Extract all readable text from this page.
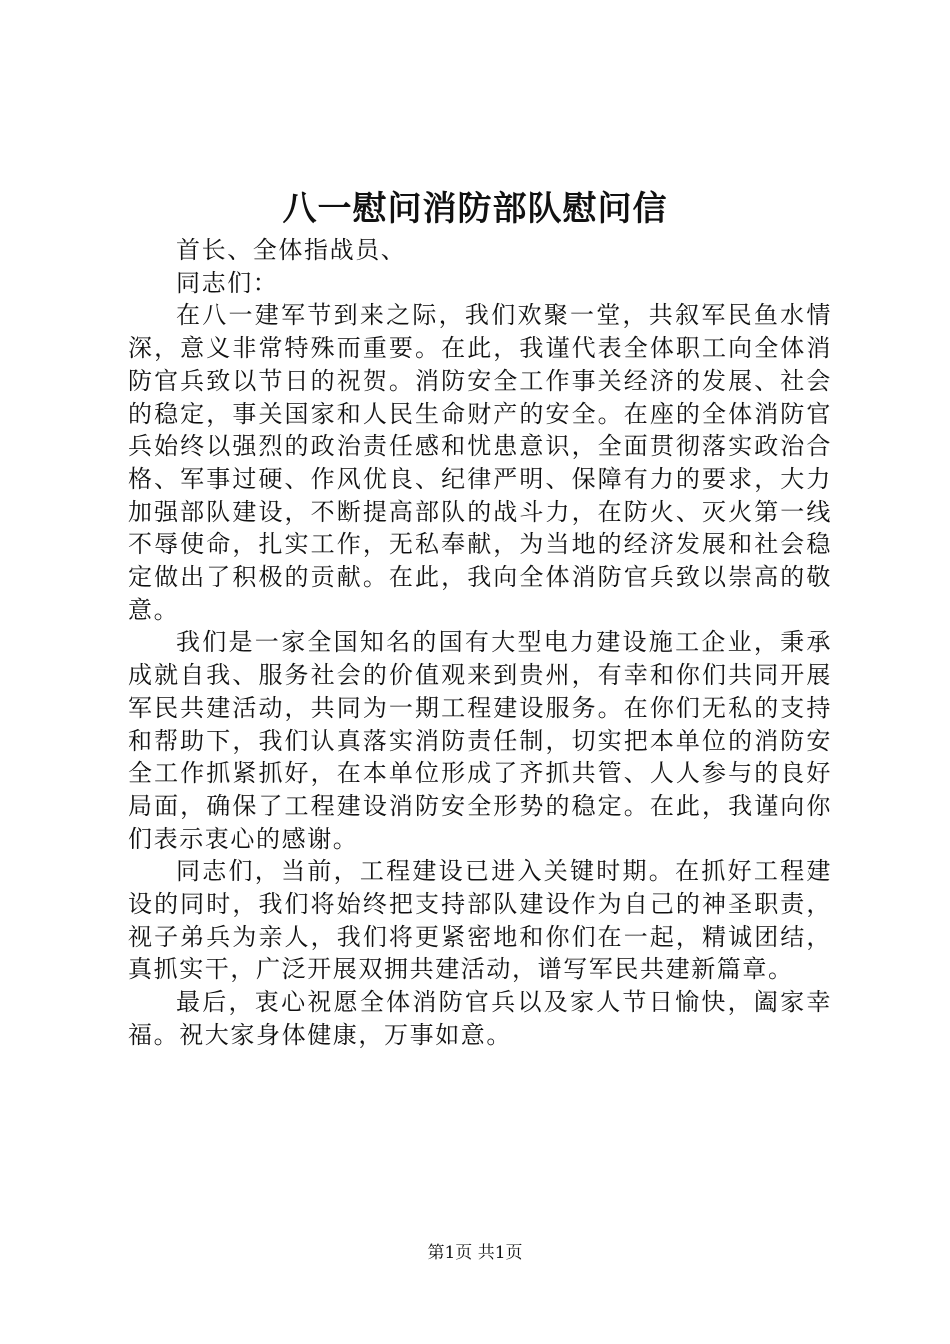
八一慰问消防部队慰问信

首长、全体指战员、

同志们：

在八一建军节到来之际，我们欢聚一堂，共叙军民鱼水情深，意义非常特殊而重要。在此，我谨代表全体职工向全体消防官兵致以节日的祝贺。消防安全工作事关经济的发展、社会的稳定，事关国家和人民生命财产的安全。在座的全体消防官兵始终以强烈的政治责任感和忧患意识，全面贯彻落实政治合格、军事过硬、作风优良、纪律严明、保障有力的要求，大力加强部队建设，不断提高部队的战斗力，在防火、灭火第一线不辱使命，扎实工作，无私奉献，为当地的经济发展和社会稳定做出了积极的贡献。在此，我向全体消防官兵致以崇高的敬意。

我们是一家全国知名的国有大型电力建设施工企业，秉承成就自我、服务社会的价值观来到贵州，有幸和你们共同开展军民共建活动，共同为一期工程建设服务。在你们无私的支持和帮助下，我们认真落实消防责任制，切实把本单位的消防安全工作抓紧抓好，在本单位形成了齐抓共管、人人参与的良好局面，确保了工程建设消防安全形势的稳定。在此，我谨向你们表示衷心的感谢。

同志们，当前，工程建设已进入关键时期。在抓好工程建设的同时，我们将始终把支持部队建设作为自己的神圣职责，视子弟兵为亲人，我们将更紧密地和你们在一起，精诚团结，真抓实干，广泛开展双拥共建活动，谱写军民共建新篇章。

最后，衷心祝愿全体消防官兵以及家人节日愉快，阖家幸福。祝大家身体健康，万事如意。

第1页 共1页
